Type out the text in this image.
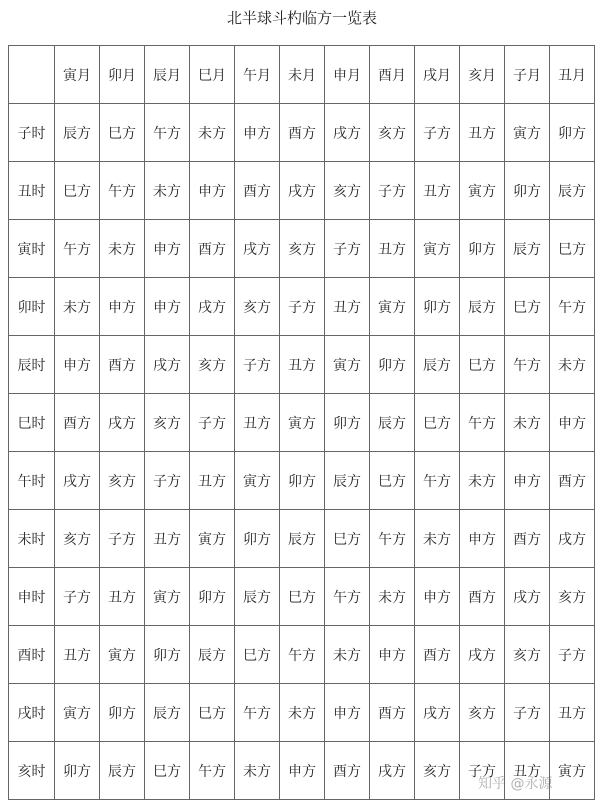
北半球斗杓临方一览表
	寅月	卯月	辰月	巳月	午月	未月	申月	酉月	戌月	亥月	子月	丑月
子时	辰方	巳方	午方	未方	申方	酉方	戌方	亥方	子方	丑方	寅方	卯方
丑时	巳方	午方	未方	申方	酉方	戌方	亥方	子方	丑方	寅方	卯方	辰方
寅时	午方	未方	申方	酉方	戌方	亥方	子方	丑方	寅方	卯方	辰方	巳方
卯时	未方	申方	申方	戌方	亥方	子方	丑方	寅方	卯方	辰方	巳方	午方
辰时	申方	酉方	戌方	亥方	子方	丑方	寅方	卯方	辰方	巳方	午方	未方
巳时	酉方	戌方	亥方	子方	丑方	寅方	卯方	辰方	巳方	午方	未方	申方
午时	戌方	亥方	子方	丑方	寅方	卯方	辰方	巳方	午方	未方	申方	酉方
未时	亥方	子方	丑方	寅方	卯方	辰方	巳方	午方	未方	申方	酉方	戌方
申时	子方	丑方	寅方	卯方	辰方	巳方	午方	未方	申方	酉方	戌方	亥方
酉时	丑方	寅方	卯方	辰方	巳方	午方	未方	申方	酉方	戌方	亥方	子方
戌时	寅方	卯方	辰方	巳方	午方	未方	申方	酉方	戌方	亥方	子方	丑方
亥时	卯方	辰方	巳方	午方	未方	申方	酉方	戌方	亥方	子方	丑方	寅方
知乎 @永源
